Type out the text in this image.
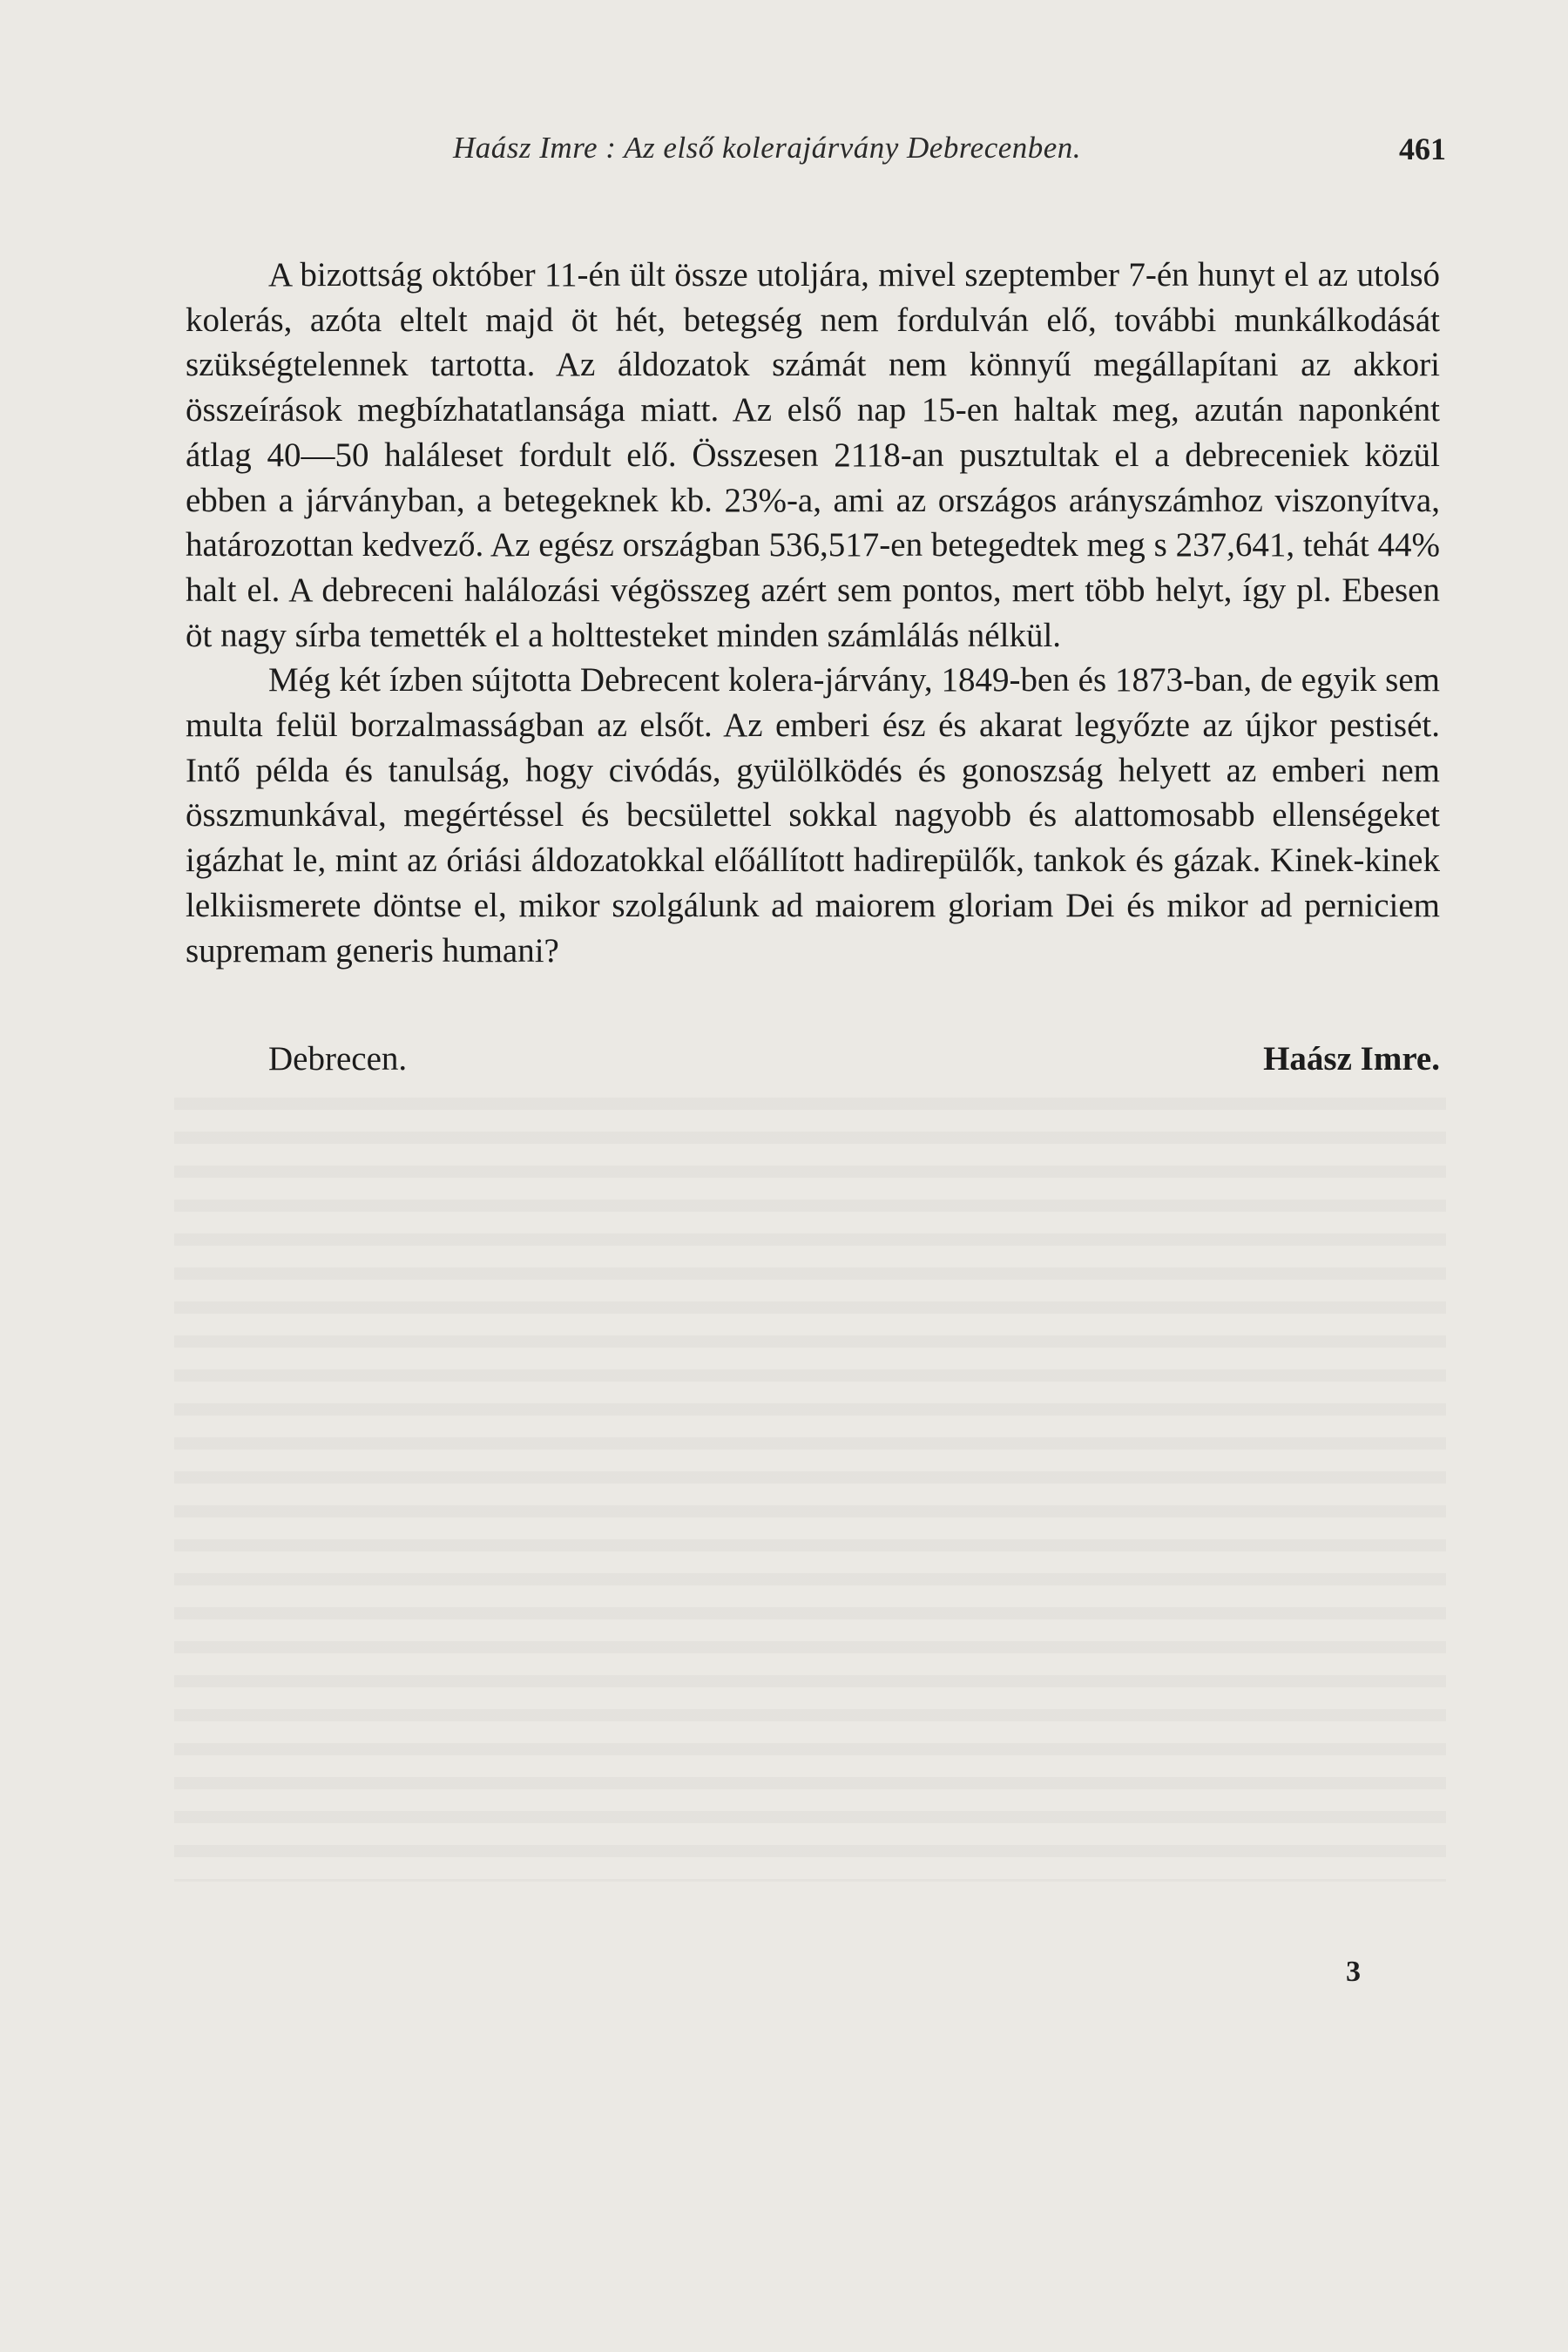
Haász Imre : Az első kolerajárvány Debrecenben.	461

A bizottság október 11-én ült össze utoljára, mivel szeptember 7-én hunyt el az utolsó kolerás, azóta eltelt majd öt hét, betegség nem fordulván elő, további munkálkodását szükségtelennek tartotta. Az áldozatok számát nem könnyű megállapítani az akkori összeírások megbízhatatlansága miatt. Az első nap 15-en haltak meg, azután naponként átlag 40—50 haláleset fordult elő. Összesen 2118-an pusztultak el a debreceniek közül ebben a járványban, a betegeknek kb. 23%-a, ami az országos arányszámhoz viszonyítva, határozottan kedvező. Az egész országban 536,517-en betegedtek meg s 237,641, tehát 44% halt el. A debreceni halálozási végösszeg azért sem pontos, mert több helyt, így pl. Ebesen öt nagy sírba temették el a holttesteket minden számlálás nélkül.

Még két ízben sújtotta Debrecent kolera-járvány, 1849-ben és 1873-ban, de egyik sem multa felül borzalmasságban az elsőt. Az emberi ész és akarat legyőzte az újkor pestisét. Intő példa és tanulság, hogy civódás, gyülölködés és gonoszság helyett az emberi nem összmunkával, megértéssel és becsülettel sokkal nagyobb és alattomosabb ellenségeket igázhat le, mint az óriási áldozatokkal előállított hadirepülők, tankok és gázak. Kinek-kinek lelkiismerete döntse el, mikor szolgálunk ad maiorem gloriam Dei és mikor ad perniciem supremam generis humani?

Debrecen.	Haász Imre.
3
